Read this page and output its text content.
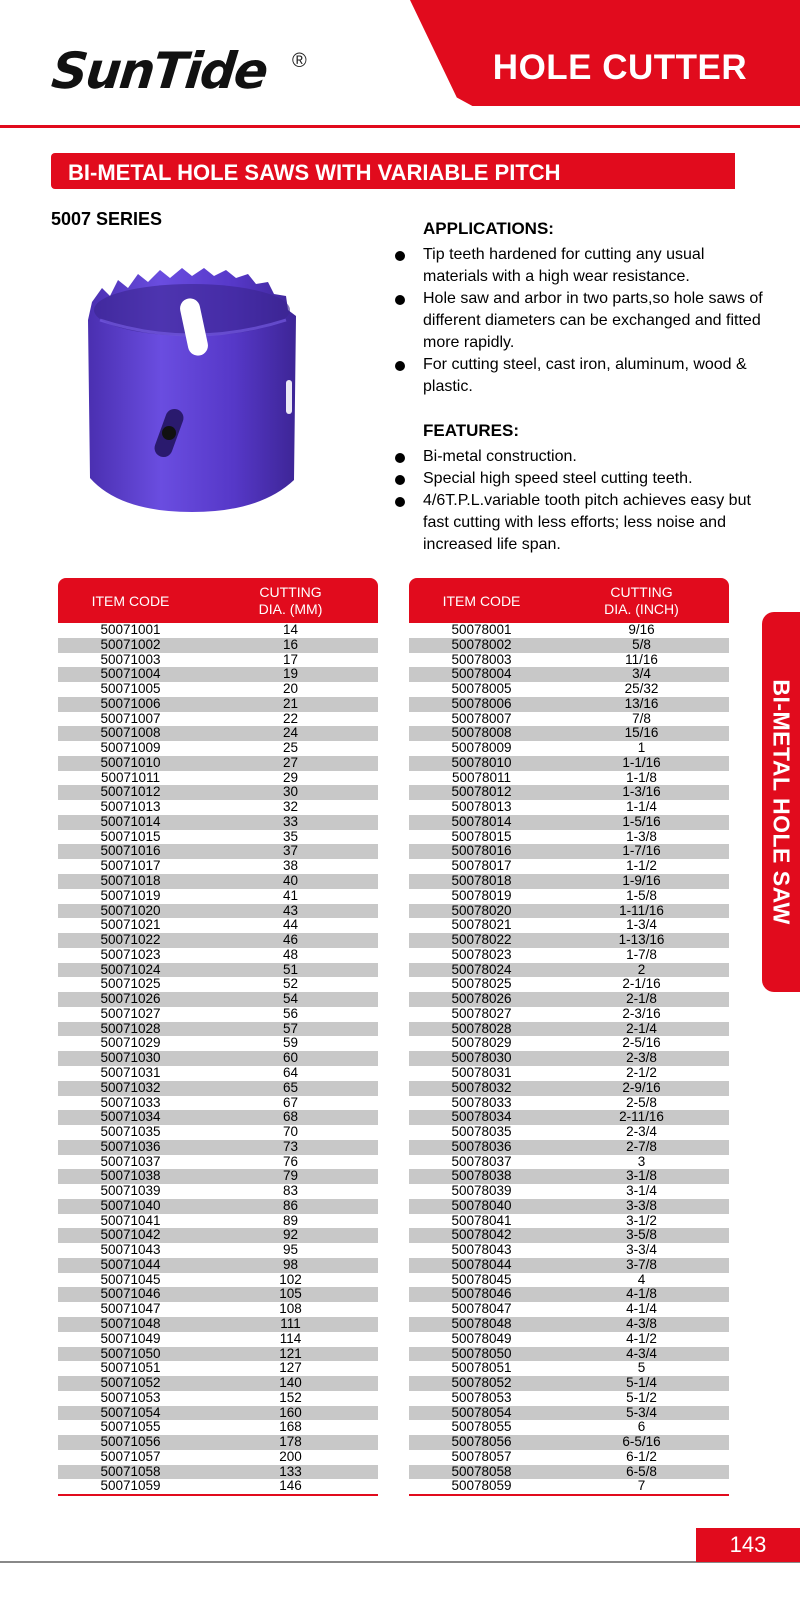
HOLE CUTTER
SunTide ®
BI-METAL HOLE SAWS WITH VARIABLE PITCH
5007 SERIES	APPLICATIONS:

Tip teeth hardened for cutting any usual materials with a high wear resistance.

Hole saw and arbor in two parts,so hole saws of different diameters can be exchanged and fitted more rapidly.

For cutting steel, cast iron, aluminum, wood & plastic.

FEATURES:

Bi-metal construction.

Special high speed steel cutting teeth.

4/6T.P.L.variable tooth pitch achieves easy but fast cutting with less efforts; less noise and increased life span.

ITEM CODE
CUTTING
DIA. (MM)
50071001	14
50071002	16
50071003	17
50071004	19
50071005	20
50071006	21
50071007	22
50071008	24
50071009	25
50071010	27
50071011	29
50071012	30
50071013	32
50071014	33
50071015	35
50071016	37
50071017	38
50071018	40
50071019	41
50071020	43
50071021	44
50071022	46
50071023	48
50071024	51
50071025	52
50071026	54
50071027	56
50071028	57
50071029	59
50071030	60
50071031	64
50071032	65
50071033	67
50071034	68
50071035	70
50071036	73
50071037	76
50071038	79
50071039	83
50071040	86
50071041	89
50071042	92
50071043	95
50071044	98
50071045	102
50071046	105
50071047	108
50071048	111
50071049	114
50071050	121
50071051	127
50071052	140
50071053	152
50071054	160
50071055	168
50071056	178
50071057	200
50071058	133
50071059	146
ITEM CODE
CUTTING
DIA. (INCH)
50078001	9/16
50078002	5/8
50078003	11/16
50078004	3/4
50078005	25/32
50078006	13/16
50078007	7/8
50078008	15/16
50078009	1
50078010	1-1/16
50078011	1-1/8
50078012	1-3/16
50078013	1-1/4
50078014	1-5/16
50078015	1-3/8
50078016	1-7/16
50078017	1-1/2
50078018	1-9/16
50078019	1-5/8
50078020	1-11/16
50078021	1-3/4
50078022	1-13/16
50078023	1-7/8
50078024	2
50078025	2-1/16
50078026	2-1/8
50078027	2-3/16
50078028	2-1/4
50078029	2-5/16
50078030	2-3/8
50078031	2-1/2
50078032	2-9/16
50078033	2-5/8
50078034	2-11/16
50078035	2-3/4
50078036	2-7/8
50078037	3
50078038	3-1/8
50078039	3-1/4
50078040	3-3/8
50078041	3-1/2
50078042	3-5/8
50078043	3-3/4
50078044	3-7/8
50078045	4
50078046	4-1/8
50078047	4-1/4
50078048	4-3/8
50078049	4-1/2
50078050	4-3/4
50078051	5
50078052	5-1/4
50078053	5-1/2
50078054	5-3/4
50078055	6
50078056	6-5/16
50078057	6-1/2
50078058	6-5/8
50078059	7
BI-METAL HOLE SAW
143
